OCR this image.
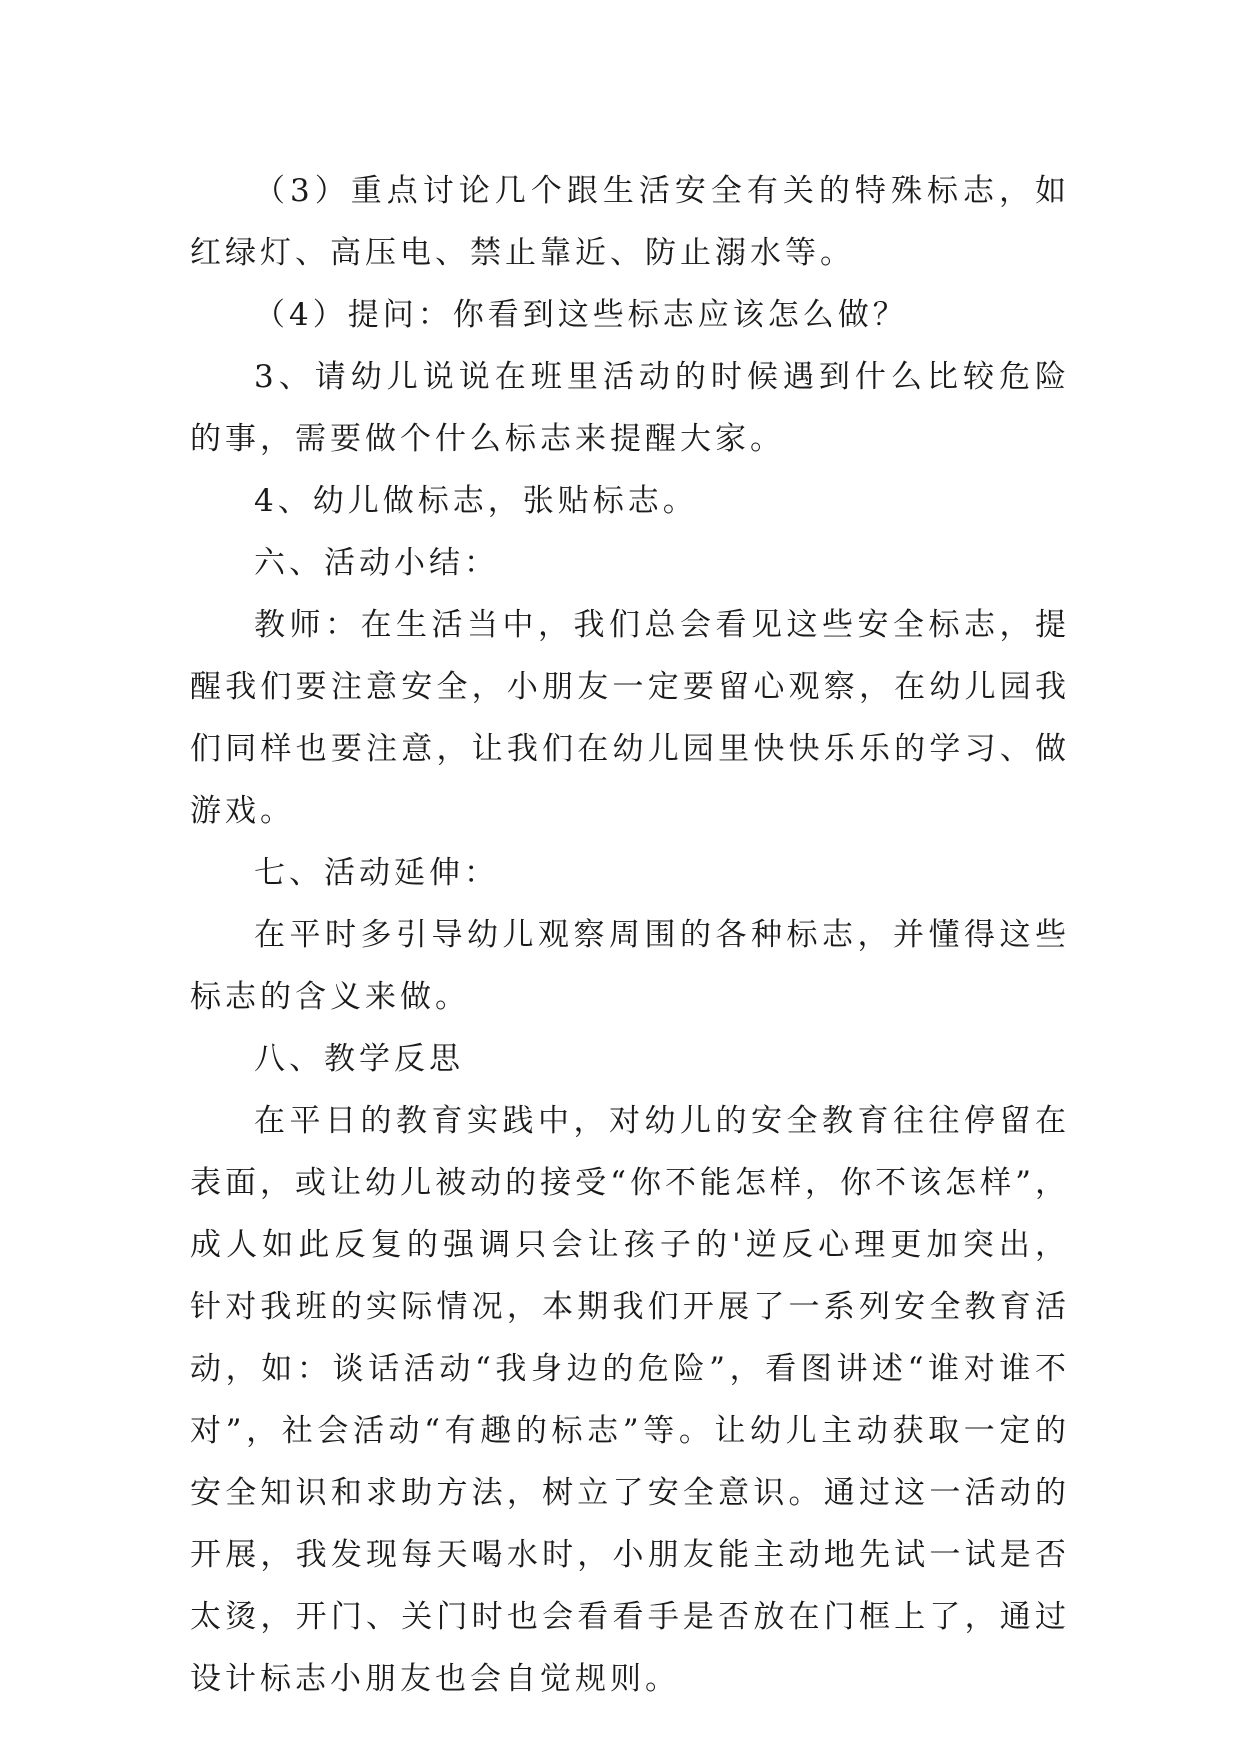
（3）重点讨论几个跟生活安全有关的特殊标志，如红绿灯、高压电、禁止靠近、防止溺水等。

（4）提问：你看到这些标志应该怎么做？

3、请幼儿说说在班里活动的时候遇到什么比较危险的事，需要做个什么标志来提醒大家。

4、幼儿做标志，张贴标志。

六、活动小结：

教师：在生活当中，我们总会看见这些安全标志，提醒我们要注意安全，小朋友一定要留心观察，在幼儿园我们同样也要注意，让我们在幼儿园里快快乐乐的学习、做游戏。

七、活动延伸：

在平时多引导幼儿观察周围的各种标志，并懂得这些标志的含义来做。

八、教学反思

在平日的教育实践中，对幼儿的安全教育往往停留在表面，或让幼儿被动的接受“你不能怎样，你不该怎样”，成人如此反复的强调只会让孩子的'逆反心理更加突出，针对我班的实际情况，本期我们开展了一系列安全教育活动，如：谈话活动“我身边的危险”，看图讲述“谁对谁不对”，社会活动“有趣的标志”等。让幼儿主动获取一定的安全知识和求助方法，树立了安全意识。通过这一活动的开展，我发现每天喝水时，小朋友能主动地先试一试是否太烫，开门、关门时也会看看手是否放在门框上了，通过设计标志小朋友也会自觉规则。
